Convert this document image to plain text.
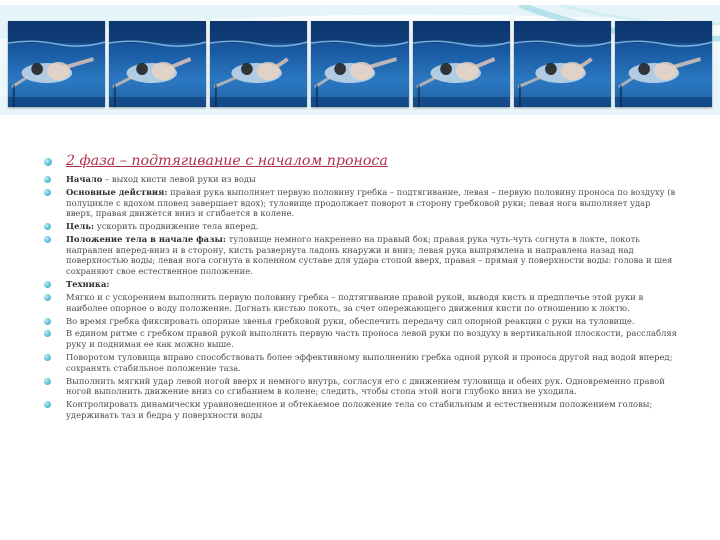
2 фаза – подтягивание с началом проноса
Начало – выход кисти левой руки из воды
Основные действия: правая рука выполняет первую половину гребка – подтягивание, левая – первую половину проноса по воздуху (в полуцикле с вдохом пловец завершает вдох); туловище продолжает поворот в сторону гребковой руки; левая нога выполняет удар вверх, правая движется вниз и сгибается в колене.
Цель: ускорить продвижение тела вперед.
Положение тела в начале фазы: туловище немного накренено на правый бок; правая рука чуть-чуть согнута в локте, локоть направлен вперед-вниз и в сторону, кисть развернута ладонь кнаружи и вниз; левая рука выпрямлена и направлена назад над поверхностью воды; левая нога согнута в коленном суставе для удара стопой вверх, правая – прямая у поверхности воды: голова и шея сохраняют свое естественное положение.
Техника:
Мягко и с ускорением выполнить первую половину гребка – подтягивание правой рукой, выводя кисть и предплечье этой руки в наиболее опорное о воду положение. Догнать кистью локоть, за счет опережающего движения кисти по отношению к локтю.
Во время гребка фиксировать опорные звенья гребковой руки, обеспечить передачу сил опорной реакции с руки на туловище.
В едином ритме с гребком правой рукой выполнить первую часть проноса левой руки по воздуху в вертикальной плоскости, расслабляя руку и поднимая ее как можно выше.
Поворотом туловища вправо способствовать более эффективному выполнению гребка одной рукой и проноса другой над водой вперед; сохранять стабильное положение таза.
Выполнить мягкий удар левой ногой вверх и немного внутрь, согласуя его с движением туловища и обеих рук. Одновременно правой ногой выполнить движение вниз со сгибанием в колене; следить, чтобы стопа этой ноги глубоко вниз не уходила.
Контролировать динамически уравновешенное и обтекаемое положение тела со стабильным и естественным положением головы; удерживать таз и бедра у поверхности воды
